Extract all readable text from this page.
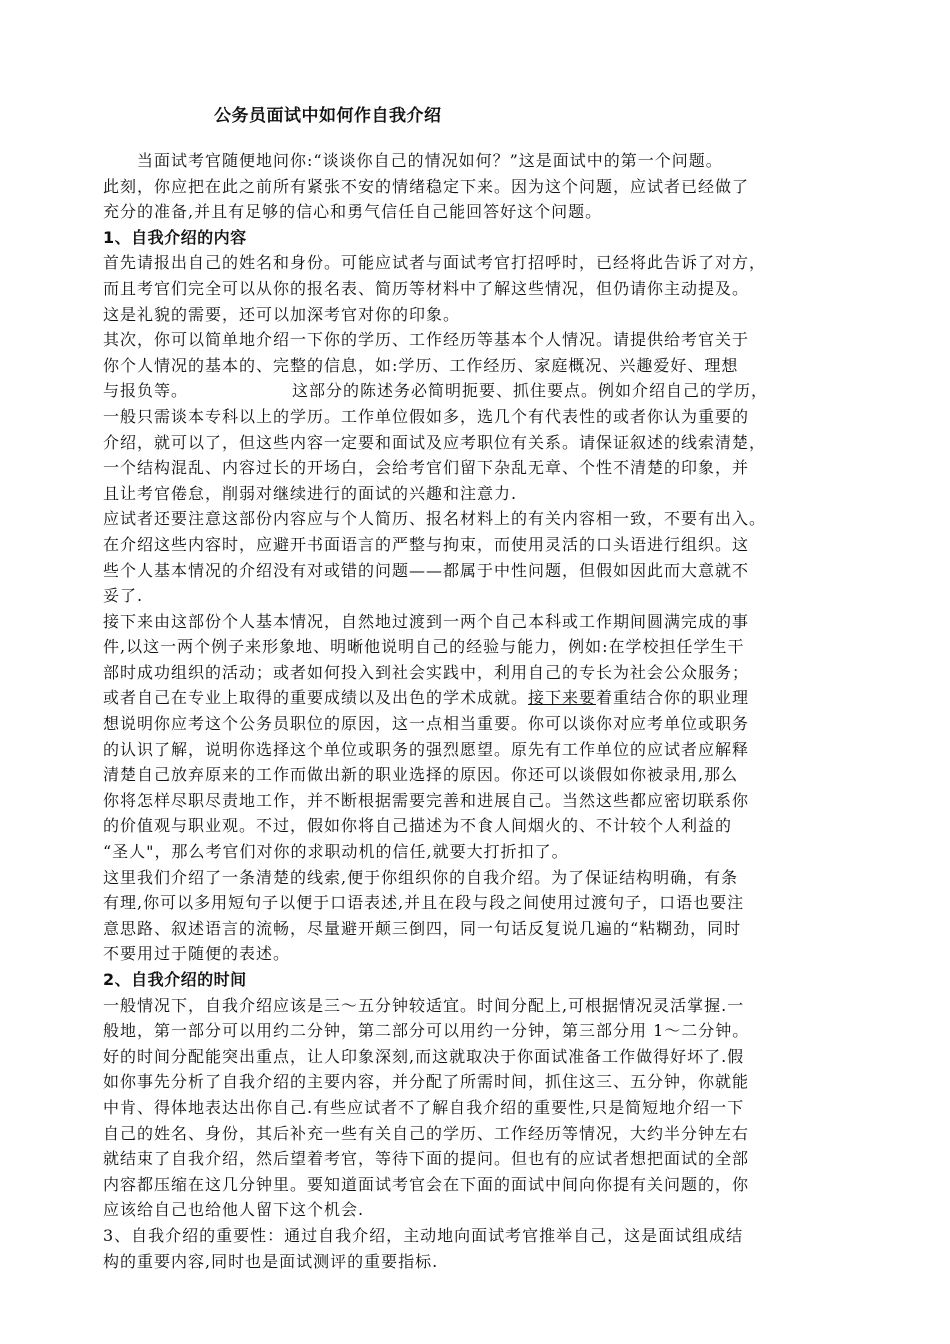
公务员面试中如何作自我介绍
当面试考官随便地问你:“谈谈你自己的情况如何？”这是面试中的第一个问题。
此刻，你应把在此之前所有紧张不安的情绪稳定下来。因为这个问题，应试者已经做了
充分的准备,并且有足够的信心和勇气信任自己能回答好这个问题。
1、自我介绍的内容
首先请报出自己的姓名和身份。可能应试者与面试考官打招呼时，已经将此告诉了对方，
而且考官们完全可以从你的报名表、简历等材料中了解这些情况，但仍请你主动提及。
这是礼貌的需要，还可以加深考官对你的印象。
其次，你可以简单地介绍一下你的学历、工作经历等基本个人情况。请提供给考官关于
你个人情况的基本的、完整的信息，如:学历、工作经历、家庭概况、兴趣爱好、理想
与报负等。	这部分的陈述务必简明扼要、抓住要点。例如介绍自己的学历，
一般只需谈本专科以上的学历。工作单位假如多，选几个有代表性的或者你认为重要的
介绍，就可以了，但这些内容一定要和面试及应考职位有关系。请保证叙述的线索清楚，
一个结构混乱、内容过长的开场白，会给考官们留下杂乱无章、个性不清楚的印象，并
且让考官倦怠，削弱对继续进行的面试的兴趣和注意力.
应试者还要注意这部份内容应与个人简历、报名材料上的有关内容相一致，不要有出入。
在介绍这些内容时，应避开书面语言的严整与拘束，而使用灵活的口头语进行组织。这
些个人基本情况的介绍没有对或错的问题——都属于中性问题，但假如因此而大意就不
妥了.
接下来由这部份个人基本情况，自然地过渡到一两个自己本科或工作期间圆满完成的事
件,以这一两个例子来形象地、明晰他说明自己的经验与能力，例如:在学校担任学生干
部时成功组织的活动；或者如何投入到社会实践中，利用自己的专长为社会公众服务；
或者自己在专业上取得的重要成绩以及出色的学术成就。接下来要着重结合你的职业理
想说明你应考这个公务员职位的原因，这一点相当重要。你可以谈你对应考单位或职务
的认识了解，说明你选择这个单位或职务的强烈愿望。原先有工作单位的应试者应解释
清楚自己放弃原来的工作而做出新的职业选择的原因。你还可以谈假如你被录用,那么
你将怎样尽职尽责地工作，并不断根据需要完善和进展自己。当然这些都应密切联系你
的价值观与职业观。不过，假如你将自己描述为不食人间烟火的、不计较个人利益的
“圣人"，那么考官们对你的求职动机的信任,就要大打折扣了。
这里我们介绍了一条清楚的线索,便于你组织你的自我介绍。为了保证结构明确，有条
有理,你可以多用短句子以便于口语表述,并且在段与段之间使用过渡句子，口语也要注
意思路、叙述语言的流畅，尽量避开颠三倒四，同一句话反复说几遍的“粘糊劲，同时
不要用过于随便的表述。
2、自我介绍的时间
一般情况下，自我介绍应该是三～五分钟较适宜。时间分配上,可根据情况灵活掌握.一
般地，第一部分可以用约二分钟，第二部分可以用约一分钟，第三部分用 1～二分钟。
好的时间分配能突出重点，让人印象深刻,而这就取决于你面试准备工作做得好坏了.假
如你事先分析了自我介绍的主要内容，并分配了所需时间，抓住这三、五分钟，你就能
中肯、得体地表达出你自己.有些应试者不了解自我介绍的重要性,只是简短地介绍一下
自己的姓名、身份，其后补充一些有关自己的学历、工作经历等情况，大约半分钟左右
就结束了自我介绍，然后望着考官，等待下面的提问。但也有的应试者想把面试的全部
内容都压缩在这几分钟里。要知道面试考官会在下面的面试中间向你提有关问题的，你
应该给自己也给他人留下这个机会.
3、自我介绍的重要性：通过自我介绍，主动地向面试考官推举自己，这是面试组成结
构的重要内容,同时也是面试测评的重要指标.
